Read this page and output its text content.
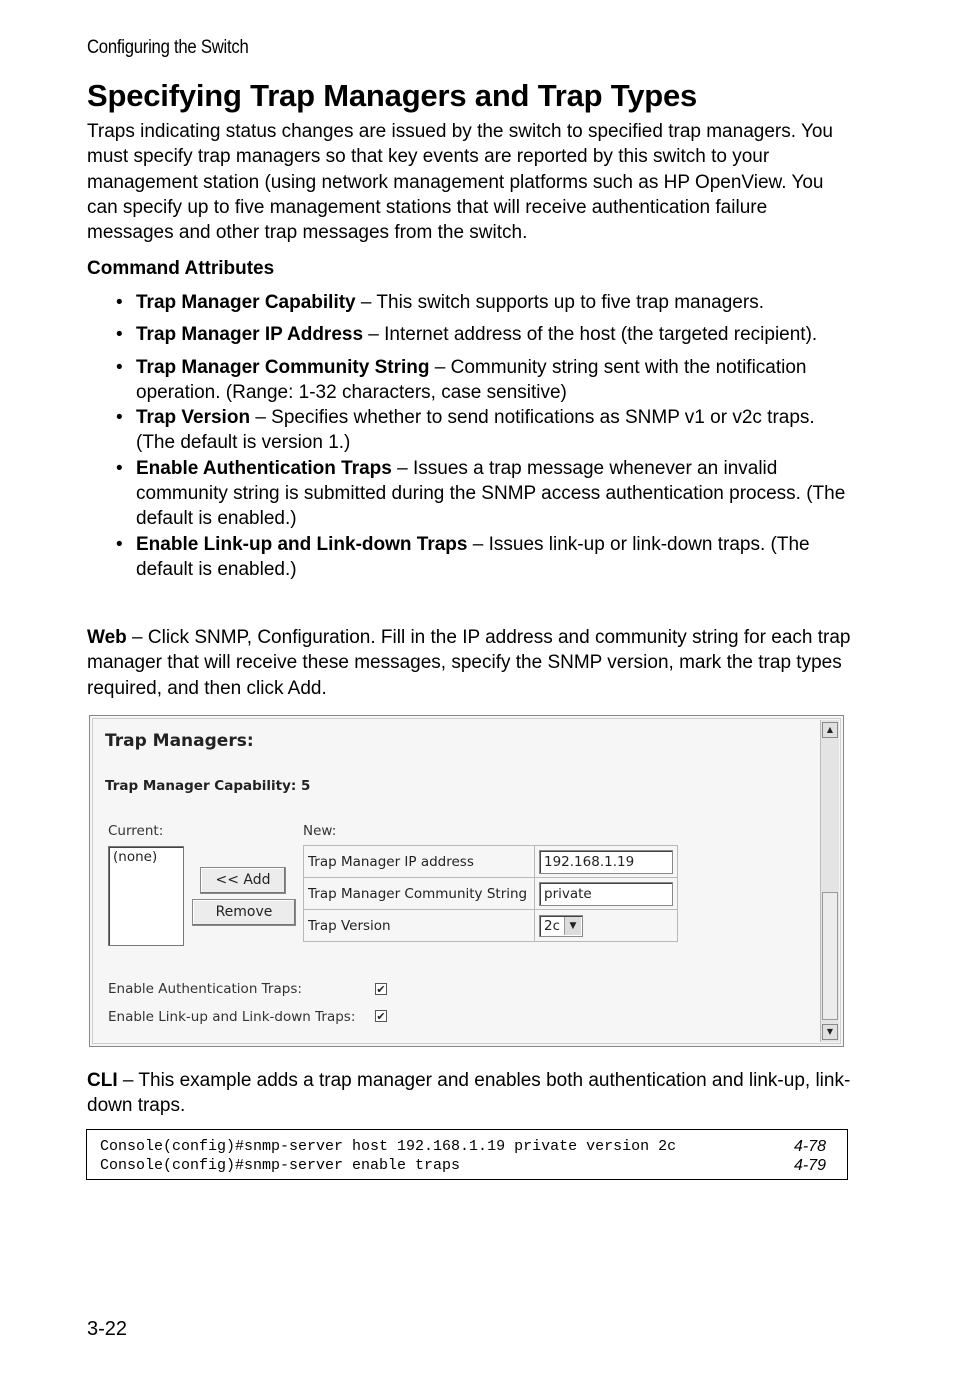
Configuring the Switch
Specifying Trap Managers and Trap Types

Traps indicating status changes are issued by the switch to specified trap managers. You must specify trap managers so that key events are reported by this switch to your management station (using network management platforms such as HP OpenView. You can specify up to five management stations that will receive authentication failure messages and other trap messages from the switch.

Command Attributes
• Trap Manager Capability – This switch supports up to five trap managers.
• Trap Manager IP Address – Internet address of the host (the targeted recipient).
• Trap Manager Community String – Community string sent with the notification operation. (Range: 1-32 characters, case sensitive)
• Trap Version – Specifies whether to send notifications as SNMP v1 or v2c traps. (The default is version 1.)
• Enable Authentication Traps – Issues a trap message whenever an invalid community string is submitted during the SNMP access authentication process. (The default is enabled.)
• Enable Link-up and Link-down Traps – Issues link-up or link-down traps. (The default is enabled.)

Web – Click SNMP, Configuration. Fill in the IP address and community string for each trap manager that will receive these messages, specify the SNMP version, mark the trap types required, and then click Add.

Trap Managers:
Trap Manager Capability: 5
Current:
(none)
<< Add
Remove
New:
Trap Manager IP address	192.168.1.19
Trap Manager Community String	private
Trap Version	2c ▼
Enable Authentication Traps:	✔
Enable Link-up and Link-down Traps: ✔
▲
▼

CLI – This example adds a trap manager and enables both authentication and link-up, link-down traps.

Console(config)#snmp-server host 192.168.1.19 private version 2c	4-78
Console(config)#snmp-server enable traps	4-79
3-22
